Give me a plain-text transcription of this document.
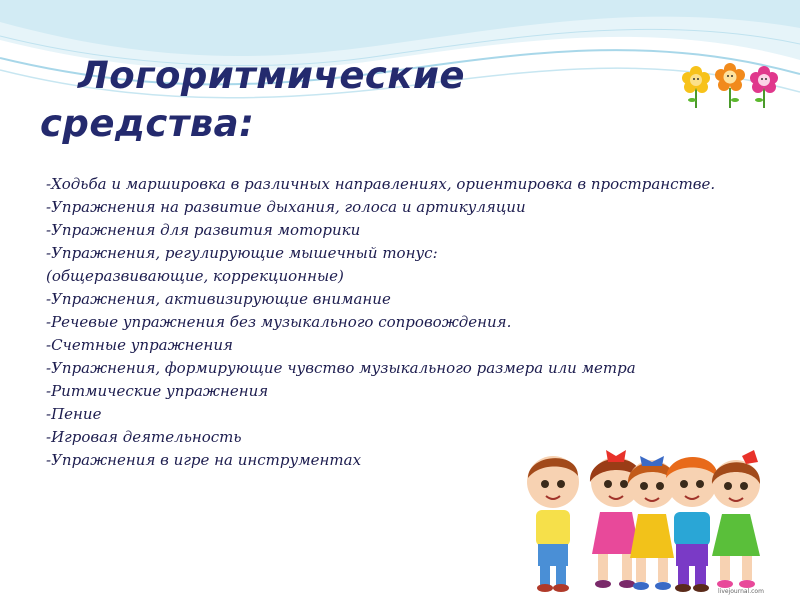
Логоритмические
средства:
-Ходьба и маршировка в различных направлениях, ориентировка в пространстве.
-Упражнения на развитие дыхания, голоса и артикуляции
-Упражнения для развития моторики
-Упражнения, регулирующие мышечный тонус:
(общеразвивающие, коррекционные)
-Упражнения, активизирующие внимание
-Речевые упражнения без музыкального сопровождения.
-Счетные упражнения
-Упражнения, формирующие чувство музыкального размера или метра
-Ритмические упражнения
-Пение
-Игровая деятельность
-Упражнения в игре на инструментах
livejournal.com
